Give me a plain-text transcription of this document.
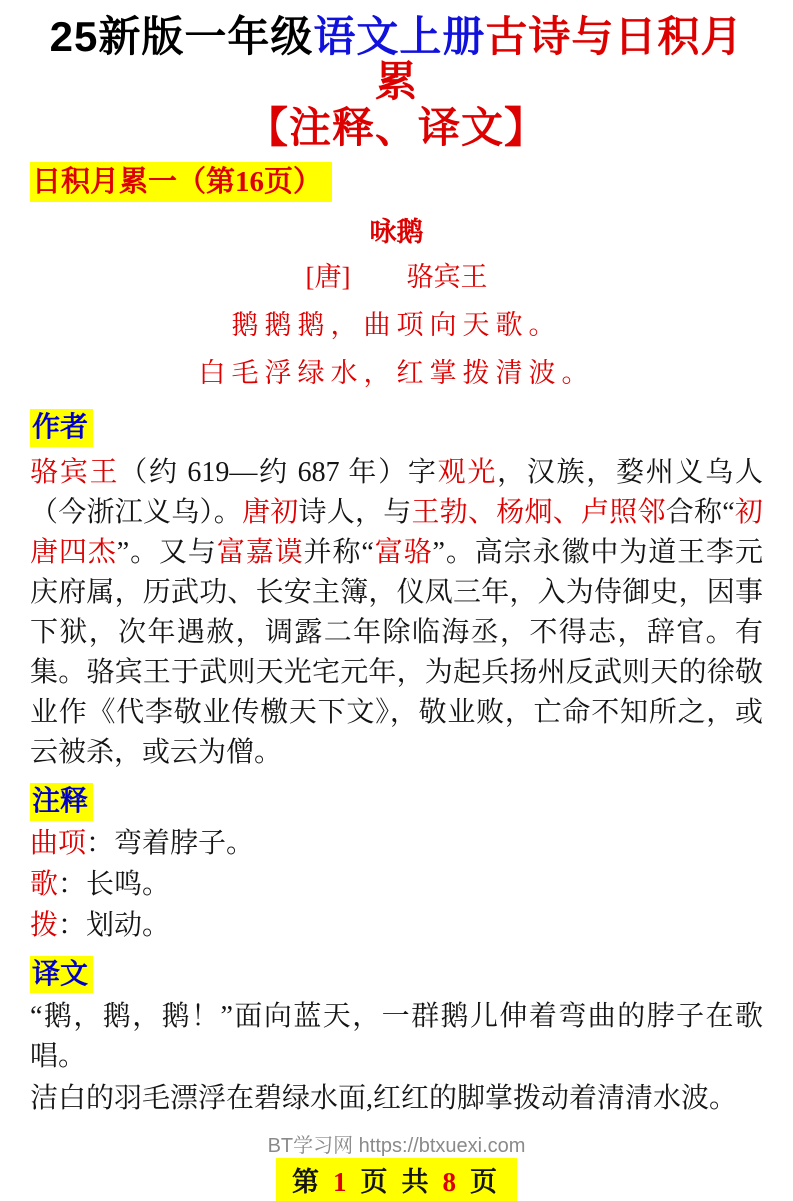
25新版一年级语文上册古诗与日积月累
【注释、译文】
日积月累一（第16页）
咏鹅
[唐] 骆宾王
鹅鹅鹅，曲项向天歌。
白毛浮绿水，红掌拨清波。
作者

骆宾王（约 619—约 687 年）字观光，汉族，婺州义乌人（今浙江义乌）。唐初诗人，与王勃、杨炯、卢照邻合称“初唐四杰”。又与富嘉谟并称“富骆”。高宗永徽中为道王李元庆府属，历武功、长安主簿，仪凤三年，入为侍御史，因事下狱，次年遇赦，调露二年除临海丞，不得志，辞官。有集。骆宾王于武则天光宅元年，为起兵扬州反武则天的徐敬业作《代李敬业传檄天下文》，敬业败，亡命不知所之，或云被杀，或云为僧。

注释

曲项：弯着脖子。

歌：长鸣。

拨：划动。

译文

“鹅，鹅，鹅！”面向蓝天，一群鹅儿伸着弯曲的脖子在歌唱。

洁白的羽毛漂浮在碧绿水面,红红的脚掌拨动着清清水波。

BT学习网 https://btxuexi.com
第1页共8页
